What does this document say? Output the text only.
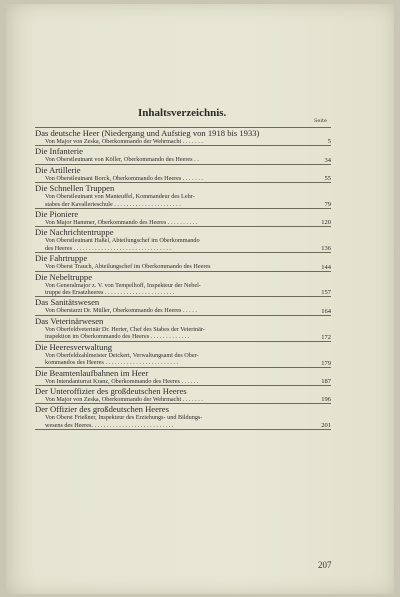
Inhaltsverzeichnis.
Seite
Das deutsche Heer (Niedergang und Aufstieg von 1918 bis 1933)
Von Major von Zeska, Oberkommando der Wehrmacht . . . . . . .	5
Die Infanterie
Von Oberstleutnant von Köller, Oberkommando des Heeres . .	34
Die Artillerie
Von Oberstleutnant Borck, Oberkommando des Heeres . . . . . . .	55
Die Schnellen Truppen
Von Oberstleutnant von Manteuffel, Kommandeur des Lehr-
stabes der Kavallerieschule . . . . . . . . . . . . . . . . . . . . . .	79
Die Pioniere
Von Major Hammer, Oberkommando des Heeres . . . . . . . . . .	120
Die Nachrichtentruppe
Von Oberstleutnant Haßel, Abteilungschef im Oberkommando
des Heeres . . . . . . . . . . . . . . . . . . . . . . . . . . . . . . . .	136
Die Fahrtruppe
Von Oberst Trauch, Abteilungschef im Oberkommando des Heeres	144
Die Nebeltruppe
Von Generalmajor z. V. von Tempelhoff, Inspekteur der Nebel-
truppe des Ersatzheeres . . . . . . . . . . . . . . . . . . . . . . .	157
Das Sanitätswesen
Von Oberstarzt Dr. Müller, Oberkommando des Heeres . . . . .	164
Das Veterinärwesen
Von Oberfeldveterinär Dr. Herter, Chef des Stabes der Veterinär-
inspektion im Oberkommando des Heeres . . . . . . . . . . . . .	172
Die Heeresverwaltung
Von Oberfeldzahlmeister Deickert, Verwaltungsamt des Ober-
kommandos des Heeres . . . . . . . . . . . . . . . . . . . . . . . .	179
Die Beamtenlaufbahnen im Heer
Von Intendanturrat Kranz, Oberkommando des Heeres . . . . . .	187
Der Unteroffizier des großdeutschen Heeres
Von Major von Zeska, Oberkommando der Wehrmacht . . . . . . .	196
Der Offizier des großdeutschen Heeres
Von Oberst Frießner, Inspekteur des Erziehungs- und Bildungs-
wesens des Heeres. . . . . . . . . . . . . . . . . . . . . . . . . . .	201
207
